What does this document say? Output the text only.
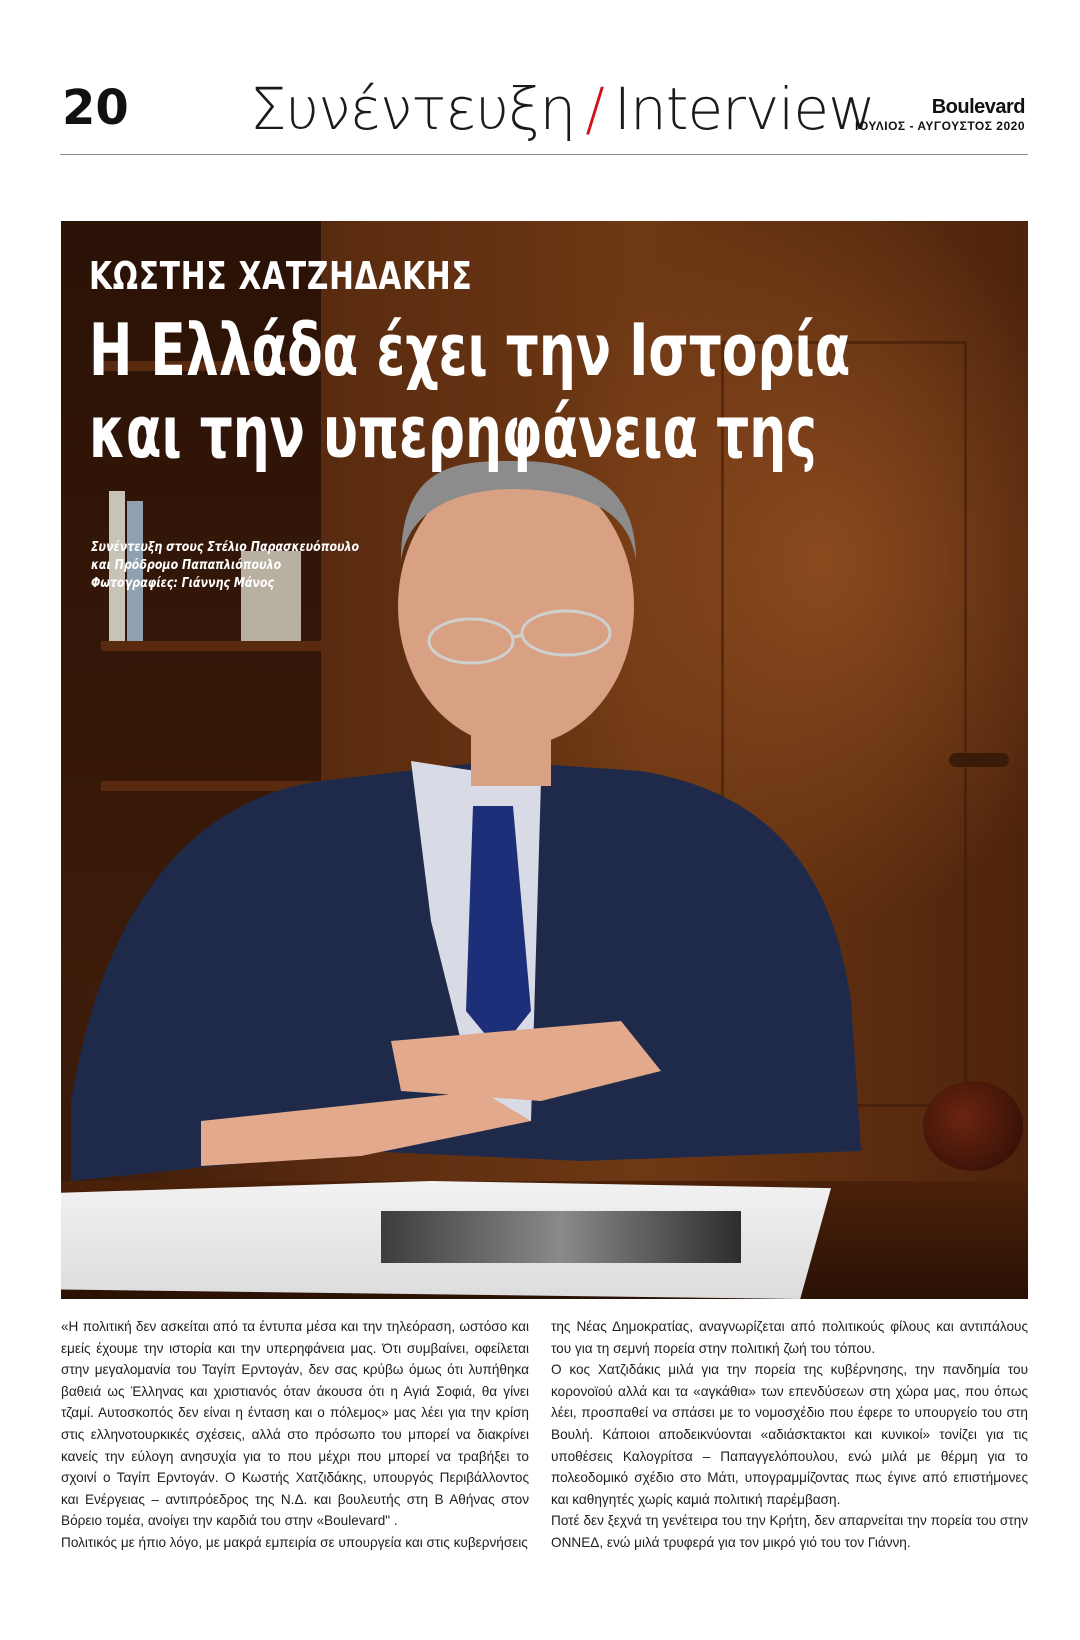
20 Συνέντευξη / Interview	Boulevard
ΙΟΥΛΙΟΣ - ΑΥΓΟΥΣΤΟΣ 2020
ΚΩΣΤΗΣ ΧΑΤΖΗΔΑΚΗΣ
Η Ελλάδα έχει την Ιστορία
και την υπερηφάνεια της
Συνέντευξη στους Στέλιο Παρασκευόπουλο
και Πρόδρομο Παπαπλιόπουλο
Φωτογραφίες: Γιάννης Μάνος

«Η πολιτική δεν ασκείται από τα έντυπα μέσα και την τηλεόραση, ωστόσο και εμείς έχουμε την ιστορία και την υπερηφάνεια μας. Ότι συμβαίνει, οφείλεται στην μεγαλομανία του Ταγίπ Ερντογάν, δεν σας κρύβω όμως ότι λυπήθηκα βαθειά ως Έλληνας και χριστιανός όταν άκουσα ότι η Αγιά Σοφιά, θα γίνει τζαμί. Αυτοσκοπός δεν είναι η ένταση και ο πόλεμος» μας λέει για την κρίση στις ελληνοτουρκικές σχέσεις, αλλά στο πρόσωπο του μπορεί να διακρίνει κανείς την εύλογη ανησυχία για το που μέχρι που μπορεί να τραβήξει το σχοινί ο Ταγίπ Ερντογάν. Ο Κωστής Χατζιδάκης, υπουργός Περιβάλλοντος και Ενέργειας – αντιπρόεδρος της Ν.Δ. και βουλευτής στη Β Αθήνας στον Βόρειο τομέα, ανοίγει την καρδιά του στην «Boulevard" .

Πολιτικός με ήπιο λόγο, με μακρά εμπειρία σε υπουργεία και στις κυβερνήσεις

της Νέας Δημοκρατίας, αναγνωρίζεται από πολιτικούς φίλους και αντιπάλους του για τη σεμνή πορεία στην πολιτική ζωή του τόπου.

Ο κος Χατζιδάκις μιλά για την πορεία της κυβέρνησης, την πανδημία του κορονοϊού αλλά και τα «αγκάθια» των επενδύσεων στη χώρα μας, που όπως λέει, προσπαθεί να σπάσει με το νομοσχέδιο που έφερε το υπουργείο του στη Βουλή. Κάποιοι αποδεικνύονται «αδιάσκτακτοι και κυνικοί» τονίζει για τις υποθέσεις Καλογρίτσα – Παπαγγελόπουλου, ενώ μιλά με θέρμη για το πολεοδομικό σχέδιο στο Μάτι, υπογραμμίζοντας πως έγινε από επιστήμονες και καθηγητές χωρίς καμιά πολιτική παρέμβαση.

Ποτέ δεν ξεχνά τη γενέτειρα του την Κρήτη, δεν απαρνείται την πορεία του στην ΟΝΝΕΔ, ενώ μιλά τρυφερά για τον μικρό γιό του τον Γιάννη.
